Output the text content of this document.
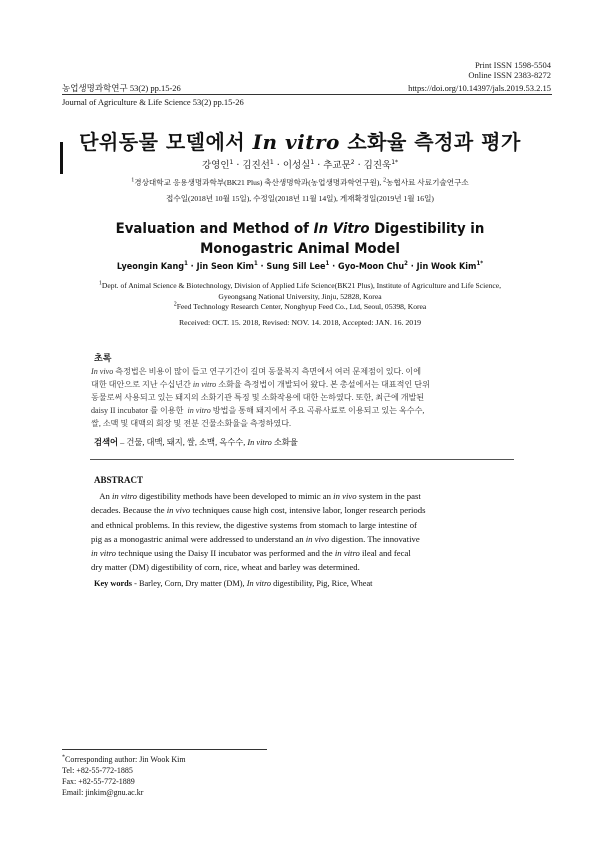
Print ISSN 1598-5504
Online ISSN 2383-8272
농업생명과학연구 53(2) pp.15-26
Journal of Agriculture & Life Science 53(2) pp.15-26
https://doi.org/10.14397/jals.2019.53.2.15
단위동물 모델에서 In vitro 소화율 측정과 평가
강영인$^1$ · 김진선$^1$ · 이성실$^1$ · 추교문$^2$ · 김진욱$^{1*}$
$^1$경상대학교 응용생명과학부(BK21 Plus) 축산생명학과(농업생명과학연구원), $^2$농협사료 사료기술연구소
접수일(2018년 10월 15일), 수정일(2018년 11월 14일), 게재확정일(2019년 1월 16일)
Evaluation and Method of In Vitro Digestibility in
Monogastric Animal Model
Lyeongin Kang$^1$ · Jin Seon Kim$^1$ · Sung Sill Lee$^1$ · Gyo-Moon Chu$^2$ · Jin Wook Kim$^{1*}$
$^1$Dept. of Animal Science & Biotechnology, Division of Applied Life Science(BK21 Plus), Institute of Agriculture and Life Science,
Gyeongsang National University, Jinju, 52828, Korea
$^2$Feed Technology Research Center, Nonghyup Feed Co., Ltd, Seoul, 05398, Korea
Received: OCT. 15. 2018, Revised: NOV. 14. 2018, Accepted: JAN. 16. 2019
초록
In vivo 측정법은 비용이 많이 들고 연구기간이 길며 동물복지 측면에서 여러 문제점이 있다. 이에
대한 대안으로 지난 수십년간 in vitro 소화율 측정법이 개발되어 왔다. 본 총설에서는 대표적인 단위
동물로써 사용되고 있는 돼지의 소화기관 특징 및 소화작용에 대한 논하였다. 또한, 최근에 개발된
daisy II incubator 를 이용한  in vitro 방법을 통해 돼지에서 주요 곡류사료로 이용되고 있는 옥수수,
쌀, 소맥 및 대맥의 회장 및 전분 건물소화율을 측정하였다.
검색어 – 건물, 대맥, 돼지, 쌀, 소맥, 옥수수, In vitro 소화율
ABSTRACT
An in vitro digestibility methods have been developed to mimic an in vivo system in the past
decades. Because the in vivo techniques cause high cost, intensive labor, longer research periods
and ethnical problems. In this review, the digestive systems from stomach to large intestine of
pig as a monogastric animal were addressed to understand an in vivo digestion. The innovative
in vitro technique using the Daisy II incubator was performed and the in vitro ileal and fecal
dry matter (DM) digestibility of corn, rice, wheat and barley was determined.
Key words - Barley, Corn, Dry matter (DM), In vitro digestibility, Pig, Rice, Wheat
*Corresponding author: Jin Wook Kim
Tel: +82-55-772-1885
Fax: +82-55-772-1889
Email: jinkim@gnu.ac.kr
